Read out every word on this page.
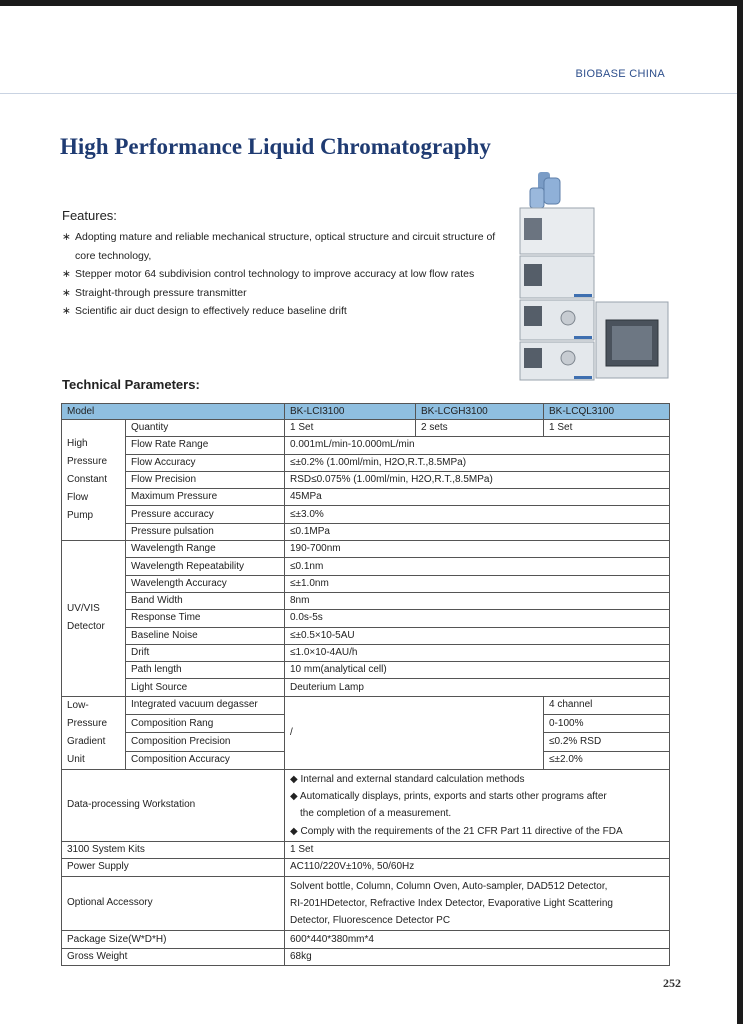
BIOBASE CHINA
High Performance Liquid Chromatography
Features:
∗ Adopting mature and reliable mechanical structure, optical structure and circuit structure of core technology,
∗ Stepper motor 64 subdivision control technology to improve accuracy at low flow rates
∗ Straight-through pressure transmitter
∗ Scientific air duct design to effectively reduce baseline drift
Technical Parameters:
Model		BK-LCI3100	BK-LCGH3100	BK-LCQL3100

High
Pressure
Constant
Flow
Pump	Quantity	1 Set	2 sets	1 Set
	Flow Rate Range	0.001mL/min-10.000mL/min		
	Flow Accuracy	≤±0.2% (1.00ml/min, H2O,R.T.,8.5MPa)		
	Flow Precision	RSD≤0.075% (1.00ml/min, H2O,R.T.,8.5MPa)		
	Maximum Pressure	45MPa		
	Pressure accuracy	≤±3.0%		
	Pressure pulsation	≤0.1MPa		

UV/VIS
Detector	Wavelength Range	190-700nm		
	Wavelength Repeatability	≤0.1nm		
	Wavelength Accuracy	≤±1.0nm		
	Band Width	8nm		
	Response Time	0.0s-5s		
	Baseline Noise	≤±0.5×10-5AU		
	Drift	≤1.0×10-4AU/h		
	Path length	10 mm(analytical cell)		
	Light Source	Deuterium Lamp		

Low-
Pressure
Gradient
Unit	Integrated vacuum degasser	/		4 channel
	Composition Rang			0-100%
	Composition Precision			≤0.2% RSD
	Composition Accuracy			≤±2.0%
Data-processing Workstation		◆ Internal and external standard calculation methods
◆ Automatically displays, prints, exports and starts other programs after
the completion of a measurement.
◆ Comply with the requirements of the 21 CFR Part 11 directive of the FDA		

3100 System Kits		1 Set		
Power Supply		AC110/220V±10%, 50/60Hz		
Optional Accessory		Solvent bottle, Column, Column Oven, Auto-sampler, DAD512 Detector,
RI-201HDetector, Refractive Index Detector, Evaporative Light Scattering
Detector, Fluorescence Detector PC		

Package Size(W*D*H)		600*440*380mm*4		
Gross Weight		68kg		
252
